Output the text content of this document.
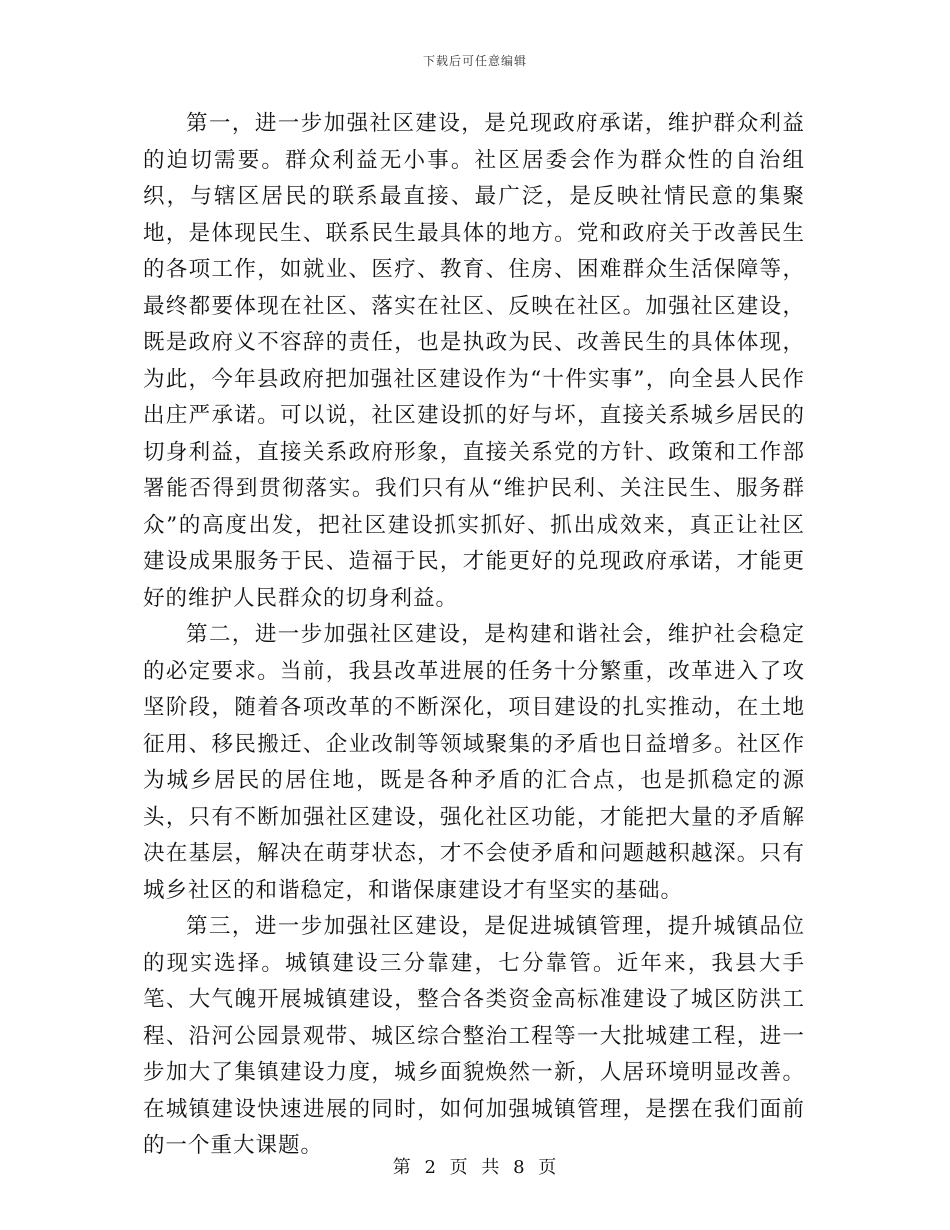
下载后可任意编辑

第一，进一步加强社区建设，是兑现政府承诺，维护群众利益的迫切需要。群众利益无小事。社区居委会作为群众性的自治组织，与辖区居民的联系最直接、最广泛，是反映社情民意的集聚地，是体现民生、联系民生最具体的地方。党和政府关于改善民生的各项工作，如就业、医疗、教育、住房、困难群众生活保障等，最终都要体现在社区、落实在社区、反映在社区。加强社区建设，既是政府义不容辞的责任，也是执政为民、改善民生的具体体现，为此，今年县政府把加强社区建设作为“十件实事”，向全县人民作出庄严承诺。可以说，社区建设抓的好与坏，直接关系城乡居民的切身利益，直接关系政府形象，直接关系党的方针、政策和工作部署能否得到贯彻落实。我们只有从“维护民利、关注民生、服务群众”的高度出发，把社区建设抓实抓好、抓出成效来，真正让社区建设成果服务于民、造福于民，才能更好的兑现政府承诺，才能更好的维护人民群众的切身利益。

第二，进一步加强社区建设，是构建和谐社会，维护社会稳定的必定要求。当前，我县改革进展的任务十分繁重，改革进入了攻坚阶段，随着各项改革的不断深化，项目建设的扎实推动，在土地征用、移民搬迁、企业改制等领域聚集的矛盾也日益增多。社区作为城乡居民的居住地，既是各种矛盾的汇合点，也是抓稳定的源头，只有不断加强社区建设，强化社区功能，才能把大量的矛盾解决在基层，解决在萌芽状态，才不会使矛盾和问题越积越深。只有城乡社区的和谐稳定，和谐保康建设才有坚实的基础。

第三，进一步加强社区建设，是促进城镇管理，提升城镇品位的现实选择。城镇建设三分靠建，七分靠管。近年来，我县大手笔、大气魄开展城镇建设，整合各类资金高标准建设了城区防洪工程、沿河公园景观带、城区综合整治工程等一大批城建工程，进一步加大了集镇建设力度，城乡面貌焕然一新，人居环境明显改善。在城镇建设快速进展的同时，如何加强城镇管理，是摆在我们面前的一个重大课题。

第 2 页 共 8 页
